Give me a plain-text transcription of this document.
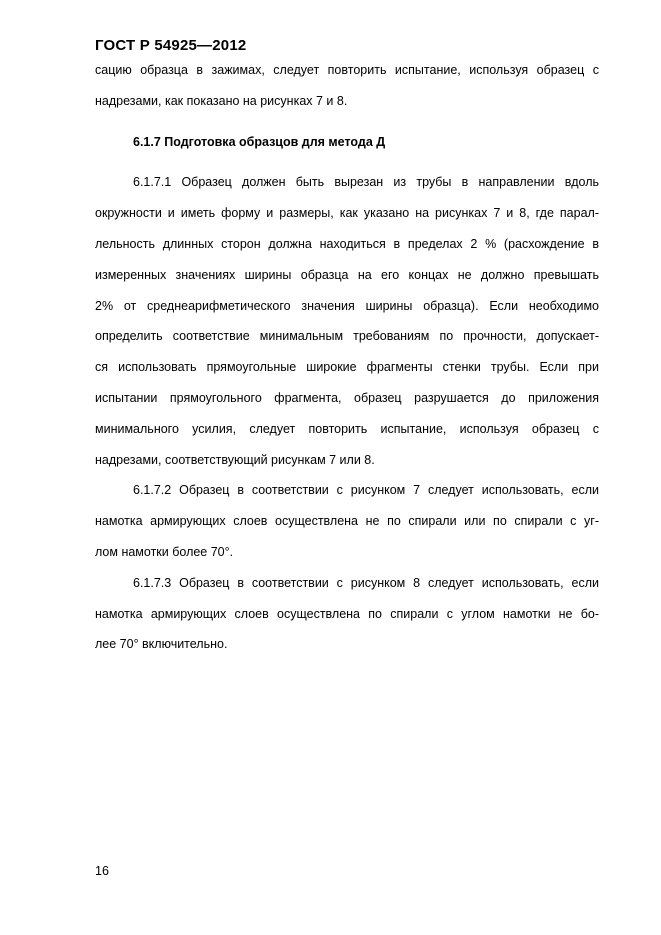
ГОСТ Р 54925—2012

сацию образца в зажимах, следует повторить испытание, используя образец с
надрезами, как показано на рисунках 7 и 8.

6.1.7 Подготовка образцов для метода Д

6.1.7.1 Образец должен быть вырезан из трубы в направлении вдоль
окружности и иметь форму и размеры, как указано на рисунках 7 и 8, где парал-
лельность длинных сторон должна находиться в пределах 2 % (расхождение в
измеренных значениях ширины образца на его концах не должно превышать
2% от среднеарифметического значения ширины образца). Если необходимо
определить соответствие минимальным требованиям по прочности, допускает-
ся использовать прямоугольные широкие фрагменты стенки трубы. Если при
испытании прямоугольного фрагмента, образец разрушается до приложения
минимального усилия, следует повторить испытание, используя образец с
надрезами, соответствующий рисункам 7 или 8.

6.1.7.2 Образец в соответствии с рисунком 7 следует использовать, если
намотка армирующих слоев осуществлена не по спирали или по спирали с уг-
лом намотки более 70°.

6.1.7.3 Образец в соответствии с рисунком 8 следует использовать, если
намотка армирующих слоев осуществлена по спирали с углом намотки не бо-
лее 70° включительно.

16
